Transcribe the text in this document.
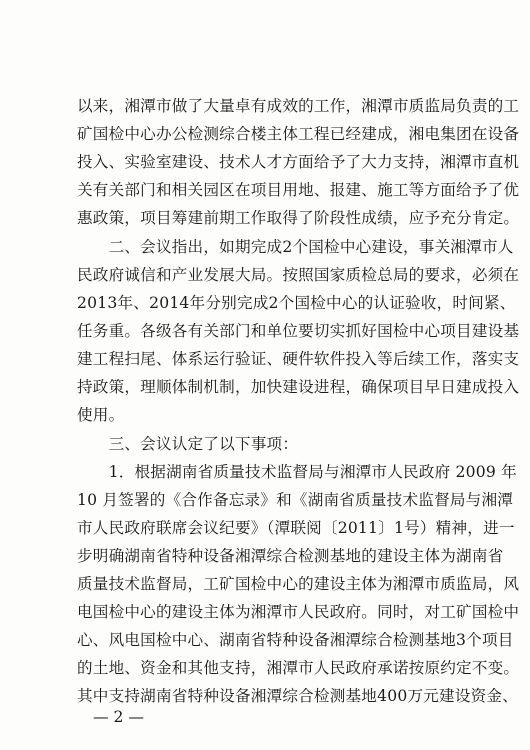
以来，湘潭市做了大量卓有成效的工作，湘潭市质监局负责的工
矿国检中心办公检测综合楼主体工程已经建成，湘电集团在设备
投入、实验室建设、技术人才方面给予了大力支持，湘潭市直机
关有关部门和相关园区在项目用地、报建、施工等方面给予了优
惠政策，项目筹建前期工作取得了阶段性成绩，应予充分肯定。
　　二、会议指出，如期完成2个国检中心建设，事关湘潭市人
民政府诚信和产业发展大局。按照国家质检总局的要求，必须在
2013年、2014年分别完成2个国检中心的认证验收，时间紧、
任务重。各级各有关部门和单位要切实抓好国检中心项目建设基
建工程扫尾、体系运行验证、硬件软件投入等后续工作，落实支
持政策，理顺体制机制，加快建设进程，确保项目早日建成投入
使用。
　　三、会议认定了以下事项：
　　1．根据湖南省质量技术监督局与湘潭市人民政府 2009 年
10 月签署的《合作备忘录》和《湖南省质量技术监督局与湘潭
市人民政府联席会议纪要》（潭联阅〔2011〕1号）精神，进一
步明确湖南省特种设备湘潭综合检测基地的建设主体为湖南省
质量技术监督局，工矿国检中心的建设主体为湘潭市质监局，风
电国检中心的建设主体为湘潭市人民政府。同时，对工矿国检中
心、风电国检中心、湖南省特种设备湘潭综合检测基地3个项目
的土地、资金和其他支持，湘潭市人民政府承诺按原约定不变。
其中支持湖南省特种设备湘潭综合检测基地400万元建设资金、
— 2 —
